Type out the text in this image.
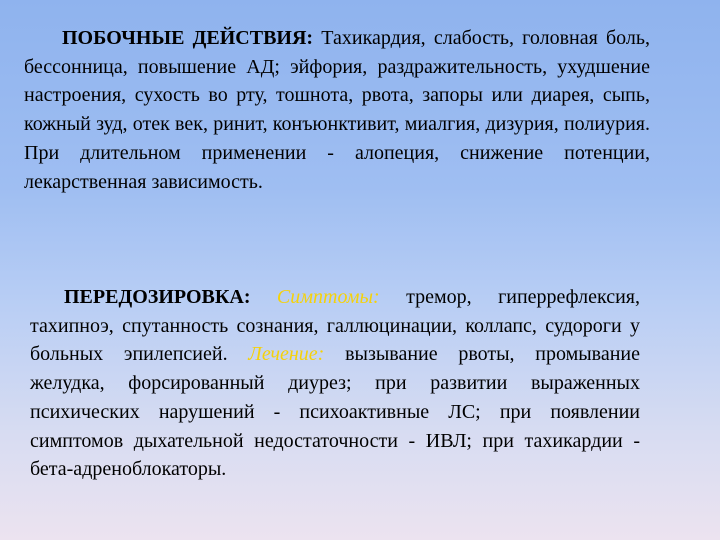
ПОБОЧНЫЕ ДЕЙСТВИЯ: Тахикардия, слабость, головная боль, бессонница, повышение АД; эйфория, раздражительность, ухудшение настроения, сухость во рту, тошнота, рвота, запоры или диарея, сыпь, кожный зуд, отек век, ринит, конъюнктивит, миалгия, дизурия, полиурия. При длительном применении - алопеция, снижение потенции, лекарственная зависимость.
ПЕРЕДОЗИРОВКА: Симптомы: тремор, гиперрефлексия, тахипноэ, спутанность сознания, галлюцинации, коллапс, судороги у больных эпилепсией. Лечение: вызывание рвоты, промывание желудка, форсированный диурез; при развитии выраженных психических нарушений - психоактивные ЛС; при появлении симптомов дыхательной недостаточности - ИВЛ; при тахикардии - бета-адреноблокаторы.
